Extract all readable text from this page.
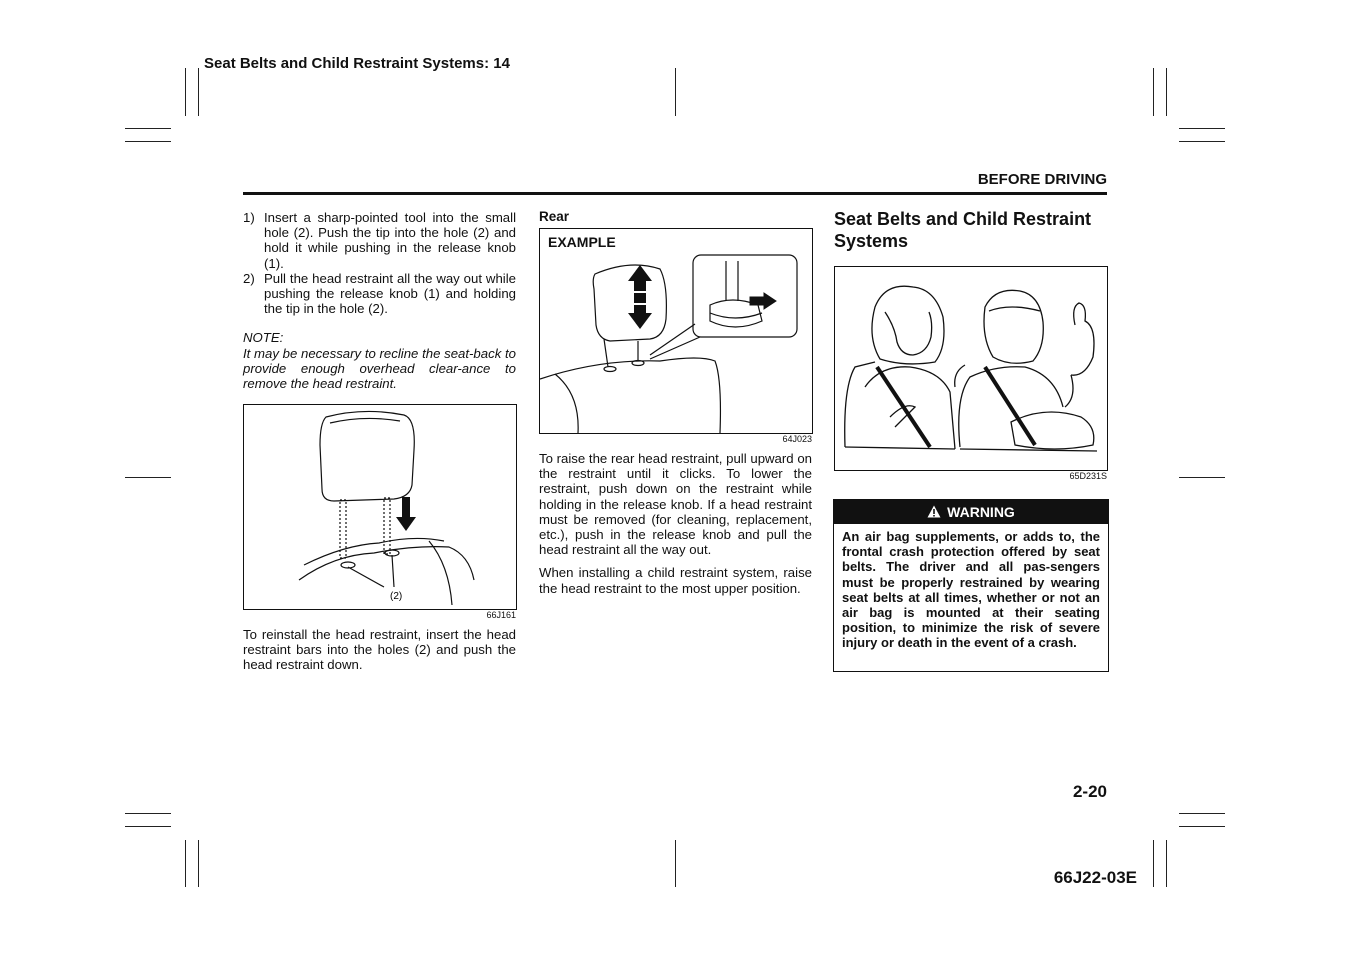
Seat Belts and Child Restraint Systems: 14
BEFORE DRIVING
1) Insert a sharp-pointed tool into the small hole (2). Push the tip into the hole (2) and hold it while pushing in the release knob (1).
2) Pull the head restraint all the way out while pushing the release knob (1) and holding the tip in the hole (2).
NOTE:
It may be necessary to recline the seat-back to provide enough overhead clear-ance to remove the head restraint.
(2)
66J161
To reinstall the head restraint, insert the head restraint bars into the holes (2) and push the head restraint down.
Rear
EXAMPLE
64J023
To raise the rear head restraint, pull upward on the restraint until it clicks. To lower the restraint, push down on the restraint while holding in the release knob. If a head restraint must be removed (for cleaning, replacement, etc.), push in the release knob and pull the head restraint all the way out.
When installing a child restraint system, raise the head restraint to the most upper position.
Seat Belts and Child Restraint Systems
65D231S
WARNING
An air bag supplements, or adds to, the frontal crash protection offered by seat belts. The driver and all pas-sengers must be properly restrained by wearing seat belts at all times, whether or not an air bag is mounted at their seating position, to minimize the risk of severe injury or death in the event of a crash.
2-20
66J22-03E
